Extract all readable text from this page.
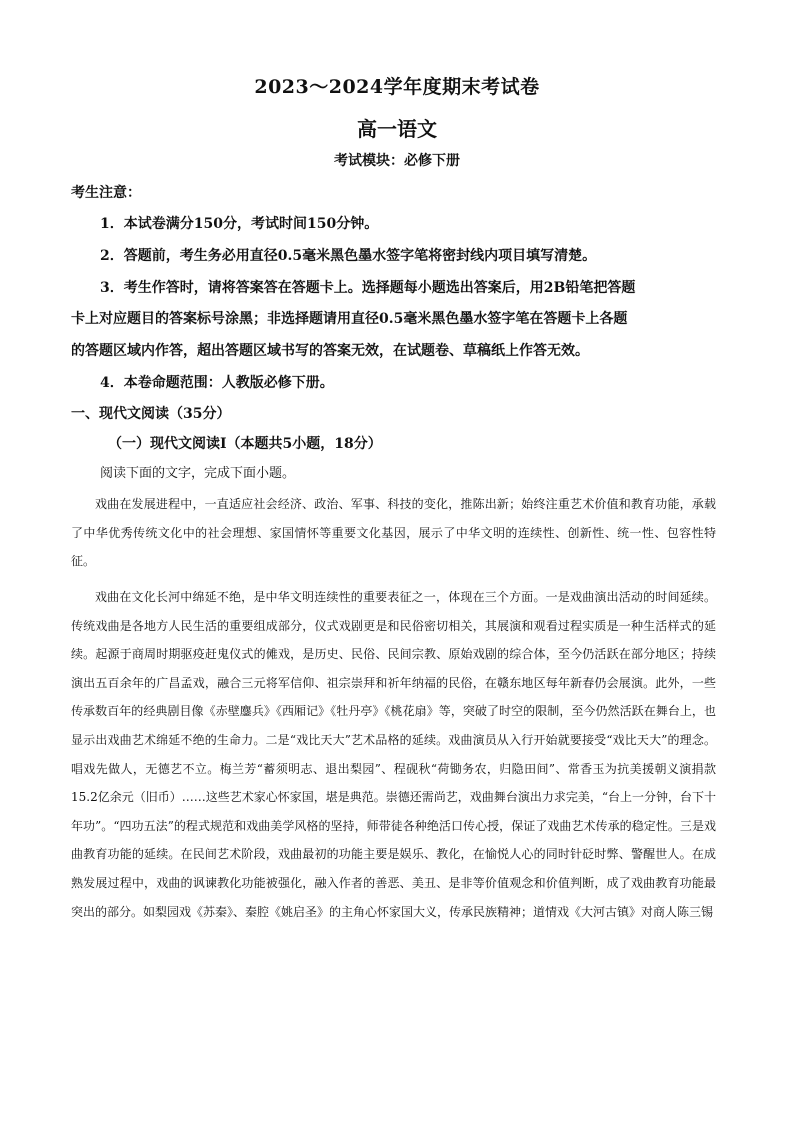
2023～2024学年度期末考试卷
高一语文
考试模块：必修下册
考生注意：
1．本试卷满分150分，考试时间150分钟。
2．答题前，考生务必用直径0.5毫米黑色墨水签字笔将密封线内项目填写清楚。
3．考生作答时，请将答案答在答题卡上。选择题每小题选出答案后，用2B铅笔把答题
卡上对应题目的答案标号涂黑；非选择题请用直径0.5毫米黑色墨水签字笔在答题卡上各题
的答题区域内作答，超出答题区域书写的答案无效，在试题卷、草稿纸上作答无效。
4．本卷命题范围：人教版必修下册。
一、现代文阅读（35分）
（一）现代文阅读Ⅰ（本题共5小题，18分）
阅读下面的文字，完成下面小题。

戏曲在发展进程中，一直适应社会经济、政治、军事、科技的变化，推陈出新；始终注重艺术价值和教育功能，承载了中华优秀传统文化中的社会理想、家国情怀等重要文化基因，展示了中华文明的连续性、创新性、统一性、包容性特征。

戏曲在文化长河中绵延不绝，是中华文明连续性的重要表征之一，体现在三个方面。一是戏曲演出活动的时间延续。传统戏曲是各地方人民生活的重要组成部分，仪式戏剧更是和民俗密切相关，其展演和观看过程实质是一种生活样式的延续。起源于商周时期驱疫赶鬼仪式的傩戏，是历史、民俗、民间宗教、原始戏剧的综合体，至今仍活跃在部分地区；持续演出五百余年的广昌孟戏，融合三元将军信仰、祖宗崇拜和祈年纳福的民俗，在赣东地区每年新春仍会展演。此外，一些传承数百年的经典剧目像《赤壁鏖兵》《西厢记》《牡丹亭》《桃花扇》等，突破了时空的限制，至今仍然活跃在舞台上，也显示出戏曲艺术绵延不绝的生命力。二是“戏比天大”艺术品格的延续。戏曲演员从入行开始就要接受“戏比天大”的理念。唱戏先做人，无德艺不立。梅兰芳“蓄须明志、退出梨园”、程砚秋“荷锄务农，归隐田间”、常香玉为抗美援朝义演捐款15.2亿余元（旧币）……这些艺术家心怀家国，堪是典范。崇德还需尚艺，戏曲舞台演出力求完美，“台上一分钟，台下十年功”。“四功五法”的程式规范和戏曲美学风格的坚持，师带徒各种绝活口传心授，保证了戏曲艺术传承的稳定性。三是戏曲教育功能的延续。在民间艺术阶段，戏曲最初的功能主要是娱乐、教化，在愉悦人心的同时针砭时弊、警醒世人。在成熟发展过程中，戏曲的讽谏教化功能被强化，融入作者的善恶、美丑、是非等价值观念和价值判断，成了戏曲教育功能最突出的部分。如梨园戏《苏秦》、秦腔《姚启圣》的主角心怀家国大义，传承民族精神；道情戏《大河古镇》对商人陈三锡
